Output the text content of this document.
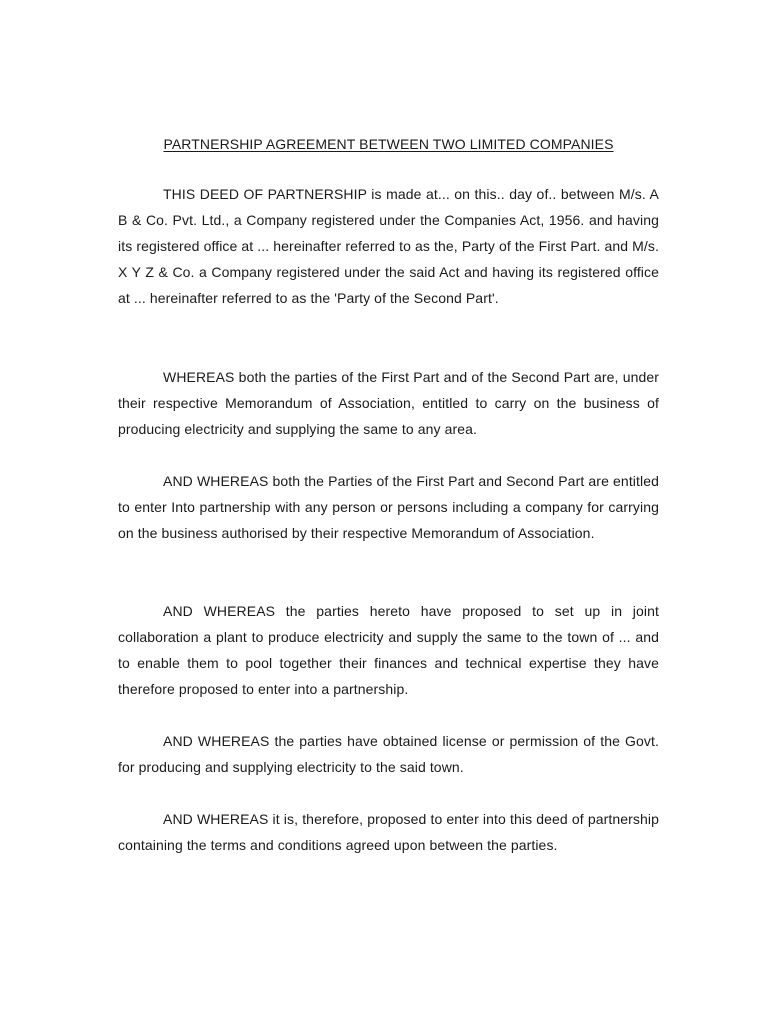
PARTNERSHIP AGREEMENT BETWEEN TWO LIMITED COMPANIES

THIS DEED OF PARTNERSHIP is made at... on this.. day of.. between M/s. A B & Co. Pvt. Ltd., a Company registered under the Companies Act, 1956. and having its registered office at ... hereinafter referred to as the, Party of the First Part. and M/s. X Y Z & Co. a Company registered under the said Act and having its registered office at ... hereinafter referred to as the 'Party of the Second Part'.

WHEREAS both the parties of the First Part and of the Second Part are, under their respective Memorandum of Association, entitled to carry on the business of producing electricity and supplying the same to any area.

AND WHEREAS both the Parties of the First Part and Second Part are entitled to enter Into partnership with any person or persons including a company for carrying on the business authorised by their respective Memorandum of Association.

AND WHEREAS the parties hereto have proposed to set up in joint collaboration a plant to produce electricity and supply the same to the town of ... and to enable them to pool together their finances and technical expertise they have therefore proposed to enter into a partnership.

AND WHEREAS the parties have obtained license or permission of the Govt. for producing and supplying electricity to the said town.

AND WHEREAS it is, therefore, proposed to enter into this deed of partnership containing the terms and conditions agreed upon between the parties.
